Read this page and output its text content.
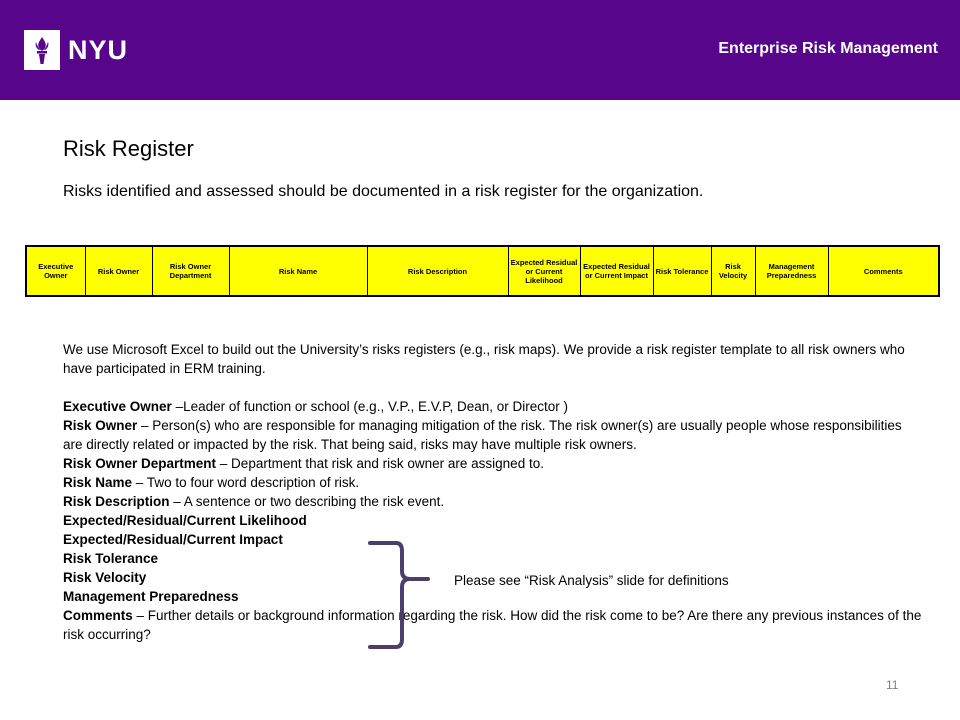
NYU	Enterprise Risk Management
Risk Register
Risks identified and assessed should be documented in a risk register for the organization.
Executive Owner	Risk Owner	Risk Owner Department	Risk Name	Risk Description	Expected Residual or Current Likelihood	Expected Residual or Current Impact	Risk Tolerance	Risk Velocity	Management Preparedness	Comments

We use Microsoft Excel to build out the University’s risks registers (e.g., risk maps). We provide a risk register template to all risk owners who have participated in ERM training.

Executive Owner –Leader of function or school (e.g., V.P., E.V.P, Dean, or Director )

Risk Owner – Person(s) who are responsible for managing mitigation of the risk. The risk owner(s) are usually people whose responsibilities are directly related or impacted by the risk. That being said, risks may have multiple risk owners.

Risk Owner Department – Department that risk and risk owner are assigned to.

Risk Name – Two to four word description of risk.

Risk Description – A sentence or two describing the risk event.

Expected/Residual/Current Likelihood

Expected/Residual/Current Impact

Risk Tolerance

Risk Velocity

Management Preparedness

Comments – Further details or background information regarding the risk. How did the risk come to be? Are there any previous instances of the risk occurring?

Please see “Risk Analysis” slide for definitions
11
